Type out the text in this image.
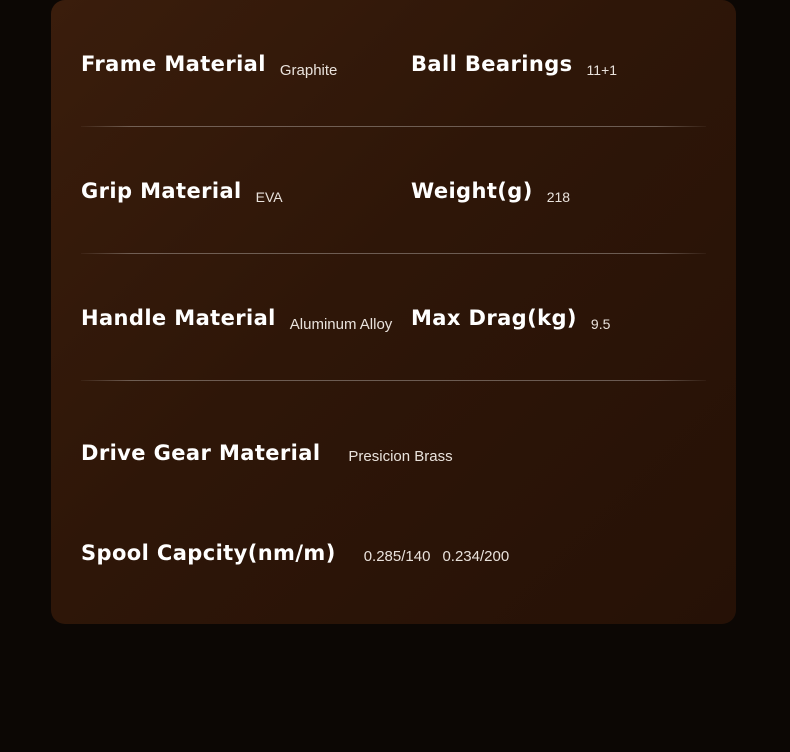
Frame Material Graphite	Ball Bearings 11+1
Grip Material EVA	Weight(g) 218
Handle Material Aluminum Alloy Max Drag(kg) 9.5
Drive Gear Material Presicion Brass
Spool Capcity(nm/m) 0.285/140 0.234/200
